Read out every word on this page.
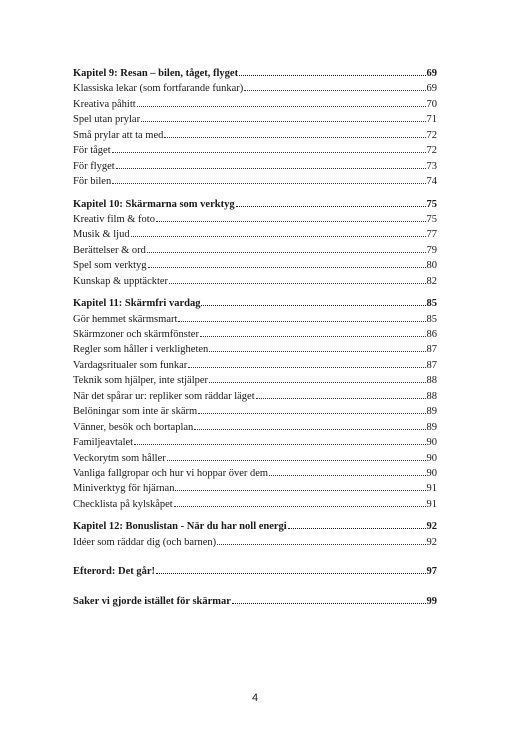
Kapitel 9: Resan – bilen, tåget, flyget	69
Klassiska lekar (som fortfarande funkar)	69
Kreativa påhitt	70
Spel utan prylar	71
Små prylar att ta med	72
För tåget	72
För flyget	73
För bilen	74
Kapitel 10: Skärmarna som verktyg	75
Kreativ film & foto	75
Musik & ljud	77
Berättelser & ord	79
Spel som verktyg	80
Kunskap & upptäckter	82
Kapitel 11: Skärmfri vardag	85
Gör hemmet skärmsmart	85
Skärmzoner och skärmfönster	86
Regler som håller i verkligheten	87
Vardagsritualer som funkar	87
Teknik som hjälper, inte stjälper	88
När det spårar ur: repliker som räddar läget	88
Belöningar som inte är skärm	89
Vänner, besök och bortaplan	89
Familjeavtalet	90
Veckorytm som håller	90
Vanliga fallgropar och hur vi hoppar över dem	90
Miniverktyg för hjärnan	91
Checklista på kylskåpet	91
Kapitel 12: Bonuslistan - När du har noll energi	92
Idéer som räddar dig (och barnen)	92
Efterord: Det går!	97
Saker vi gjorde istället för skärmar	99
4
